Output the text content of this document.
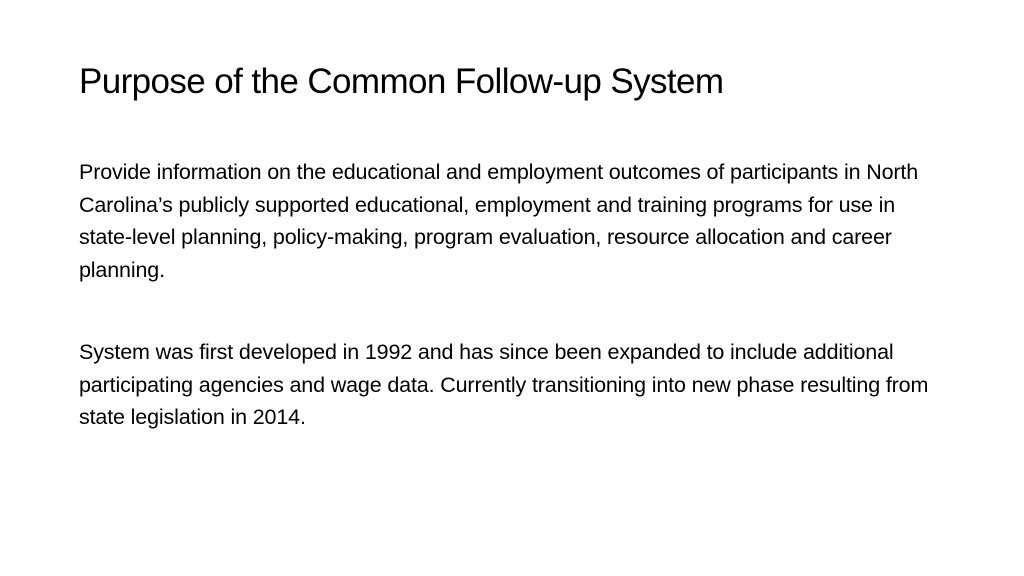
Purpose of the Common Follow-up System

Provide information on the educational and employment outcomes of participants in North Carolina’s publicly supported educational, employment and training programs for use in state-level planning, policy-making, program evaluation, resource allocation and career planning.

System was first developed in 1992 and has since been expanded to include additional participating agencies and wage data. Currently transitioning into new phase resulting from state legislation in 2014.
